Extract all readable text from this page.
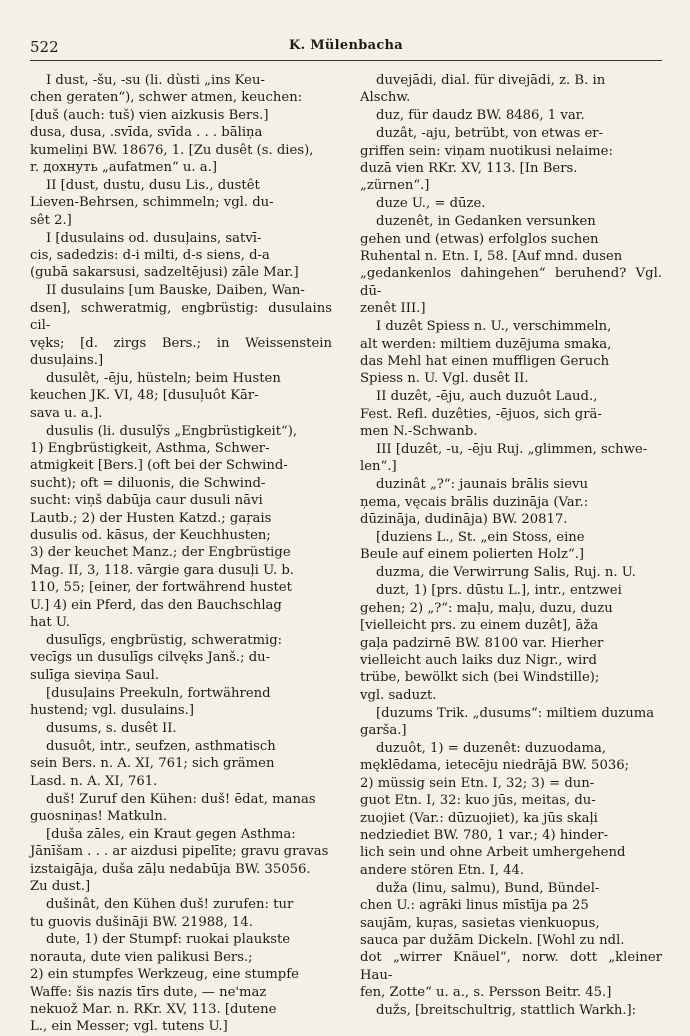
522	K. Mülenbacha

I dust, -šu, -su (li. dùsti „ins Keu-
chen geraten“), schwer atmen, keuchen:
[duš (auch: tuš) vien aizkusis Bers.]
dusa, dusa, .svīda, svīda . . . bāliņa
kumeliņi BW. 18676, 1. [Zu dusêt (s. dies),
r. дохнуть „aufatmen“ u. a.]

II [dust, dustu, dusu Lis., dustêt
Lieven-Behrsen, schimmeln; vgl. du-
sêt 2.]

I [dusulains od. dusuļains, satvī-
cis, sadedzis: d-i milti, d-s siens, d-a
(gubā sakarsusi, sadzeltējusi) zāle Mar.]

II dusulains [um Bauske, Daiben, Wan-
dsen], schweratmig, engbrüstig: dusulains cil-
vęks; [d. zirgs Bers.; in Weissenstein dusuļains.]

dusulêt, -ēju, hüsteln; beim Husten
keuchen JK. VI, 48; [dusuļuôt Kār-
sava u. a.].

dusulis (li. dusulỹs „Engbrüstigkeit“),
1) Engbrüstigkeit, Asthma, Schwer-
atmigkeit [Bers.] (oft bei der Schwind-
sucht); oft = diluonis, die Schwind-
sucht: viņš dabūja caur dusuli nāvi
Lautb.; 2) der Husten Katzd.; gaŗais
dusulis od. kāsus, der Keuchhusten;
3) der keuchet Manz.; der Engbrüstige
Mag. II, 3, 118. vārgie gara dusuļi U. b.
110, 55; [einer, der fortwährend hustet
U.] 4) ein Pferd, das den Bauchschlag
hat U.

dusulīgs, engbrüstig, schweratmig:
vecīgs un dusulīgs cilvęks Janš.; du-
sulīga sieviņa Saul.

[dusuļains Preekuln, fortwährend
hustend; vgl. dusulains.]

dusums, s. dusêt II.

dusuôt, intr., seufzen, asthmatisch
sein Bers. n. A. XI, 761; sich grämen
Lasd. n. A. XI, 761.

duš! Zuruf den Kühen: duš! ēdat, manas
guosniņas! Matkuln.

[duša zāles, ein Kraut gegen Asthma:
Jānīšam . . . ar aizdusi pipelīte; gravu gravas
izstaigāja, duša zāļu nedabūja BW. 35056.
Zu dust.]

dušinât, den Kühen duš! zurufen: tur
tu guovis dušināji BW. 21988, 14.

dute, 1) der Stumpf: ruokai plaukste
norauta, dute vien palikusi Bers.;
2) ein stumpfes Werkzeug, eine stumpfe
Waffe: šis nazis tīrs dute, — ne'maz
nekuož Mar. n. RKr. XV, 113. [dutene
L., ein Messer; vgl. tutens U.]

duvejādi, dial. für divejādi, z. B. in
Alschw.

duz, für daudz BW. 8486, 1 var.

duzât, -aju, betrübt, von etwas er-
griffen sein: viņam nuotikusi nelaime:
duzā vien RKr. XV, 113. [In Bers.
„zürnen“.]

duze U., = dūze.

duzenêt, in Gedanken versunken
gehen und (etwas) erfolglos suchen
Ruhental n. Etn. I, 58. [Auf mnd. dusen
„gedankenlos dahingehen“ beruhend? Vgl. dū-
zenêt III.]

I duzêt Spiess n. U., verschimmeln,
alt werden: miltiem duzējuma smaka,
das Mehl hat einen muffligen Geruch
Spiess n. U. Vgl. dusêt II.

II duzêt, -ēju, auch duzuôt Laud.,
Fest. Refl. duzêties, -ējuos, sich grä-
men N.-Schwanb.

III [duzêt, -u, -ēju Ruj. „glimmen, schwe-
len“.]

duzinât „?“: jaunais brālis sievu
ņema, vęcais brālis duzināja (Var.:
dūzināja, dudināja) BW. 20817.

[duziens L., St. „ein Stoss, eine
Beule auf einem polierten Holz“.]

duzma, die Verwirrung Salis, Ruj. n. U.

duzt, 1) [prs. dūstu L.], intr., entzwei
gehen; 2) „?“: maļu, maļu, duzu, duzu
[vielleicht prs. zu einem duzêt], āža
gaļa padzirnē BW. 8100 var. Hierher
vielleicht auch laiks duz Nigr., wird
trübe, bewölkt sich (bei Windstille);
vgl. saduzt.

[duzums Trik. „dusums“: miltiem duzuma
garša.]

duzuôt, 1) = duzenêt: duzuodama,
męklēdama, ietecēju niedrājā BW. 5036;
2) müssig sein Etn. I, 32; 3) = dun-
guot Etn. I, 32: kuo jūs, meitas, du-
zuojiet (Var.: dūzuojiet), ka jūs skaļi
nedziediet BW. 780, 1 var.; 4) hinder-
lich sein und ohne Arbeit umhergehend
andere stören Etn. I, 44.

duža (linu, salmu), Bund, Bündel-
chen U.: agrāki linus mīstīja pa 25
saujām, kuŗas, sasietas vienkuopus,
sauca par dužām Dickeln. [Wohl zu ndl.
dot „wirrer Knäuel“, norw. dott „kleiner Hau-
fen, Zotte“ u. a., s. Persson Beitr. 45.]

dužs, [breitschultrig, stattlich Warkh.]:
